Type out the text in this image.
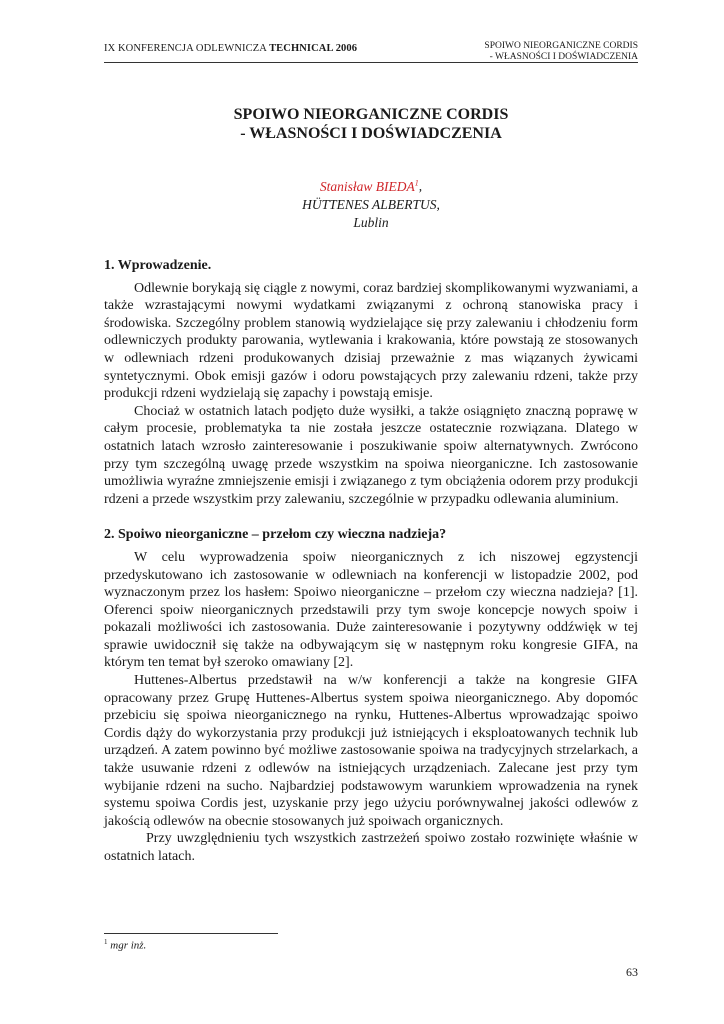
IX KONFERENCJA ODLEWNICZA TECHNICAL 2006	SPOIWO NIEORGANICZNE CORDIS
- WŁASNOŚCI I DOŚWIADCZENIA
SPOIWO NIEORGANICZNE CORDIS
- WŁASNOŚCI I DOŚWIADCZENIA
Stanisław BIEDA$^1$,
HÜTTENES ALBERTUS,
Lublin
1. Wprowadzenie.

Odlewnie borykają się ciągle z nowymi, coraz bardziej skomplikowanymi wyzwaniami, a także wzrastającymi nowymi wydatkami związanymi z ochroną stanowiska pracy i środowiska. Szczególny problem stanowią wydzielające się przy zalewaniu i chłodzeniu form odlewniczych produkty parowania, wytlewania i krakowania, które powstają ze stosowanych w odlewniach rdzeni produkowanych dzisiaj przeważnie z mas wiązanych żywicami syntetycznymi. Obok emisji gazów i odoru powstających przy zalewaniu rdzeni, także przy produkcji rdzeni wydzielają się zapachy i powstają emisje.

Chociaż w ostatnich latach podjęto duże wysiłki, a także osiągnięto znaczną poprawę w całym procesie, problematyka ta nie została jeszcze ostatecznie rozwiązana. Dlatego w ostatnich latach wzrosło zainteresowanie i poszukiwanie spoiw alternatywnych. Zwrócono przy tym szczególną uwagę przede wszystkim na spoiwa nieorganiczne. Ich zastosowanie umożliwia wyraźne zmniejszenie emisji i związanego z tym obciążenia odorem przy produkcji rdzeni a przede wszystkim przy zalewaniu, szczególnie w przypadku odlewania aluminium.

2. Spoiwo nieorganiczne – przełom czy wieczna nadzieja?

W celu wyprowadzenia spoiw nieorganicznych z ich niszowej egzystencji przedyskutowano ich zastosowanie w odlewniach na konferencji w listopadzie 2002, pod wyznaczonym przez los hasłem: Spoiwo nieorganiczne – przełom czy wieczna nadzieja? [1]. Oferenci spoiw nieorganicznych przedstawili przy tym swoje koncepcje nowych spoiw i pokazali możliwości ich zastosowania. Duże zainteresowanie i pozytywny oddźwięk w tej sprawie uwidocznił się także na odbywającym się w następnym roku kongresie GIFA, na którym ten temat był szeroko omawiany [2].

Huttenes-Albertus przedstawił na w/w konferencji a także na kongresie GIFA opracowany przez Grupę Huttenes-Albertus system spoiwa nieorganicznego. Aby dopomóc przebiciu się spoiwa nieorganicznego na rynku, Huttenes-Albertus wprowadzając spoiwo Cordis dąży do wykorzystania przy produkcji już istniejących i eksploatowanych technik lub urządzeń. A zatem powinno być możliwe zastosowanie spoiwa na tradycyjnych strzelarkach, a także usuwanie rdzeni z odlewów na istniejących urządzeniach. Zalecane jest przy tym wybijanie rdzeni na sucho. Najbardziej podstawowym warunkiem wprowadzenia na rynek systemu spoiwa Cordis jest, uzyskanie przy jego użyciu porównywalnej jakości odlewów z jakością odlewów na obecnie stosowanych już spoiwach organicznych.

Przy uwzględnieniu tych wszystkich zastrzeżeń spoiwo zostało rozwinięte właśnie w ostatnich latach.

$^1$ mgr inż.
63
